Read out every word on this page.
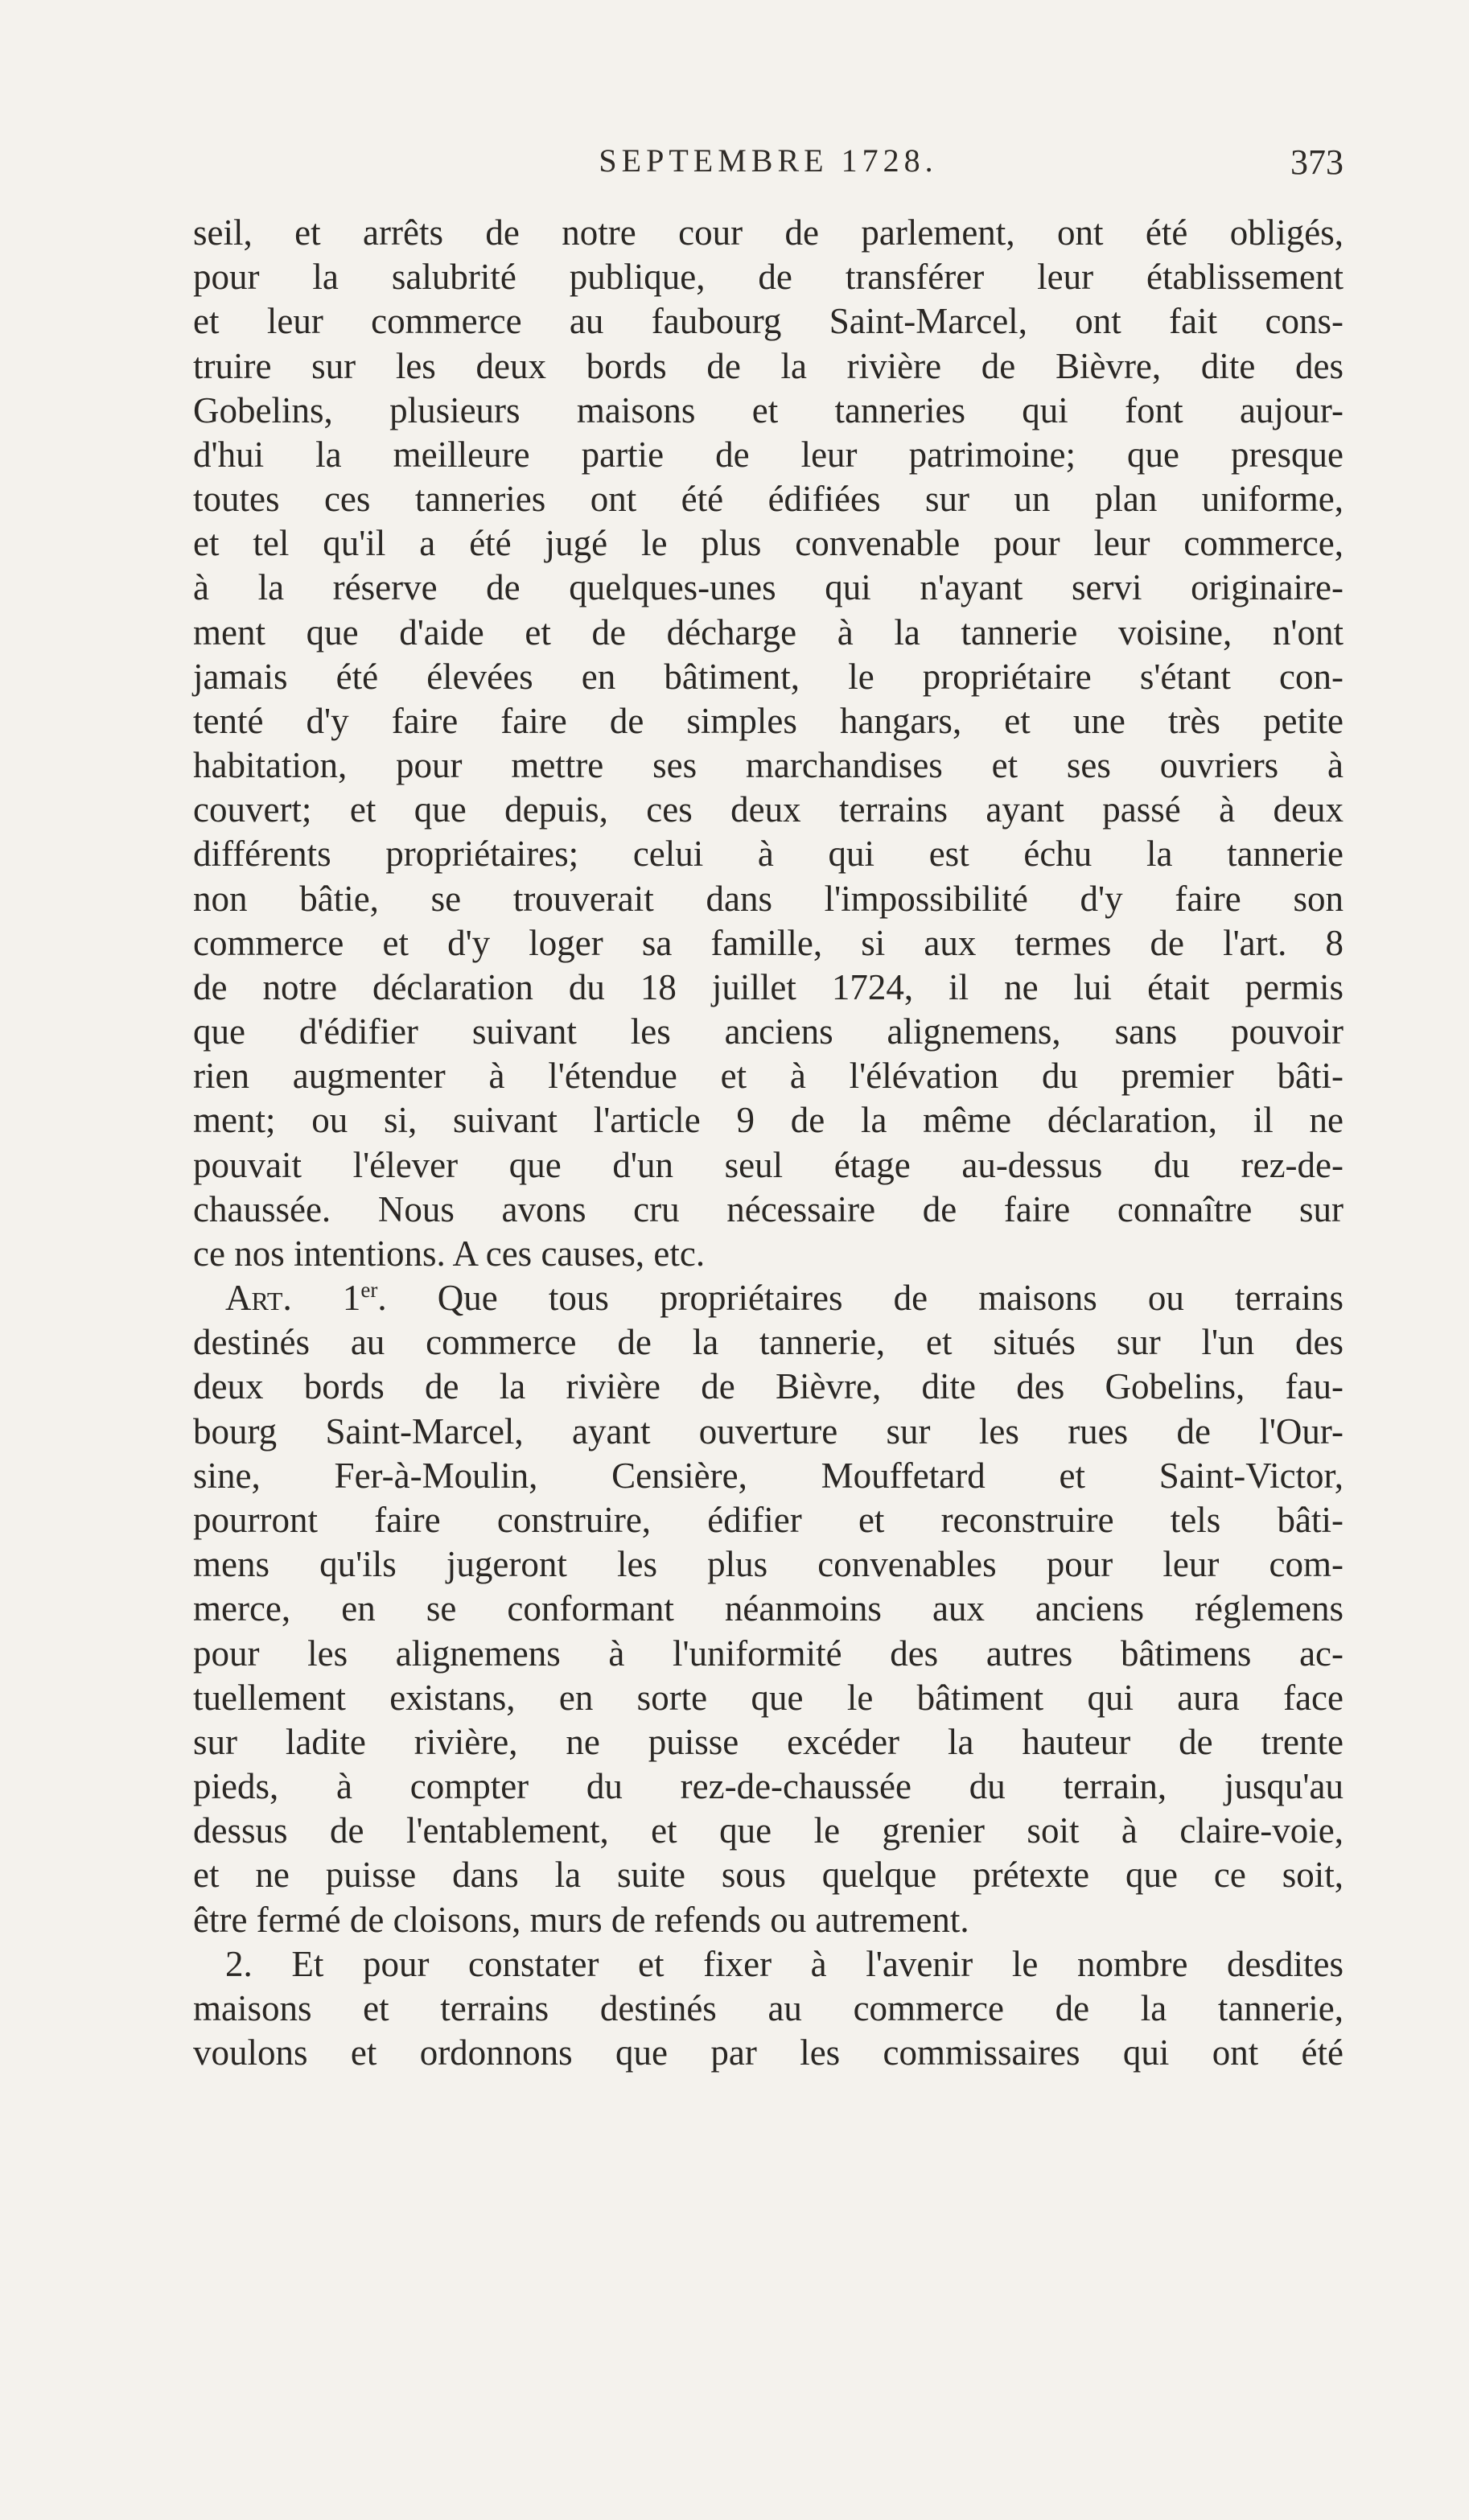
SEPTEMBRE 1728.	373

seil, et arrêts de notre cour de parlement, ont été obligés,
pour la salubrité publique, de transférer leur établissement
et leur commerce au faubourg Saint-Marcel, ont fait cons-
truire sur les deux bords de la rivière de Bièvre, dite des
Gobelins, plusieurs maisons et tanneries qui font aujour-
d'hui la meilleure partie de leur patrimoine; que presque
toutes ces tanneries ont été édifiées sur un plan uniforme,
et tel qu'il a été jugé le plus convenable pour leur commerce,
à la réserve de quelques-unes qui n'ayant servi originaire-
ment que d'aide et de décharge à la tannerie voisine, n'ont
jamais été élevées en bâtiment, le propriétaire s'étant con-
tenté d'y faire faire de simples hangars, et une très petite
habitation, pour mettre ses marchandises et ses ouvriers à
couvert; et que depuis, ces deux terrains ayant passé à deux
différents propriétaires; celui à qui est échu la tannerie
non bâtie, se trouverait dans l'impossibilité d'y faire son
commerce et d'y loger sa famille, si aux termes de l'art. 8
de notre déclaration du 18 juillet 1724, il ne lui était permis
que d'édifier suivant les anciens alignemens, sans pouvoir
rien augmenter à l'étendue et à l'élévation du premier bâti-
ment; ou si, suivant l'article 9 de la même déclaration, il ne
pouvait l'élever que d'un seul étage au-dessus du rez-de-
chaussée. Nous avons cru nécessaire de faire connaître sur
ce nos intentions. A ces causes, etc.

Art. 1er. Que tous propriétaires de maisons ou terrains
destinés au commerce de la tannerie, et situés sur l'un des
deux bords de la rivière de Bièvre, dite des Gobelins, fau-
bourg Saint-Marcel, ayant ouverture sur les rues de l'Our-
sine, Fer-à-Moulin, Censière, Mouffetard et Saint-Victor,
pourront faire construire, édifier et reconstruire tels bâti-
mens qu'ils jugeront les plus convenables pour leur com-
merce, en se conformant néanmoins aux anciens réglemens
pour les alignemens à l'uniformité des autres bâtimens ac-
tuellement existans, en sorte que le bâtiment qui aura face
sur ladite rivière, ne puisse excéder la hauteur de trente
pieds, à compter du rez-de-chaussée du terrain, jusqu'au
dessus de l'entablement, et que le grenier soit à claire-voie,
et ne puisse dans la suite sous quelque prétexte que ce soit,
être fermé de cloisons, murs de refends ou autrement.

2. Et pour constater et fixer à l'avenir le nombre desdites
maisons et terrains destinés au commerce de la tannerie,
voulons et ordonnons que par les commissaires qui ont été
